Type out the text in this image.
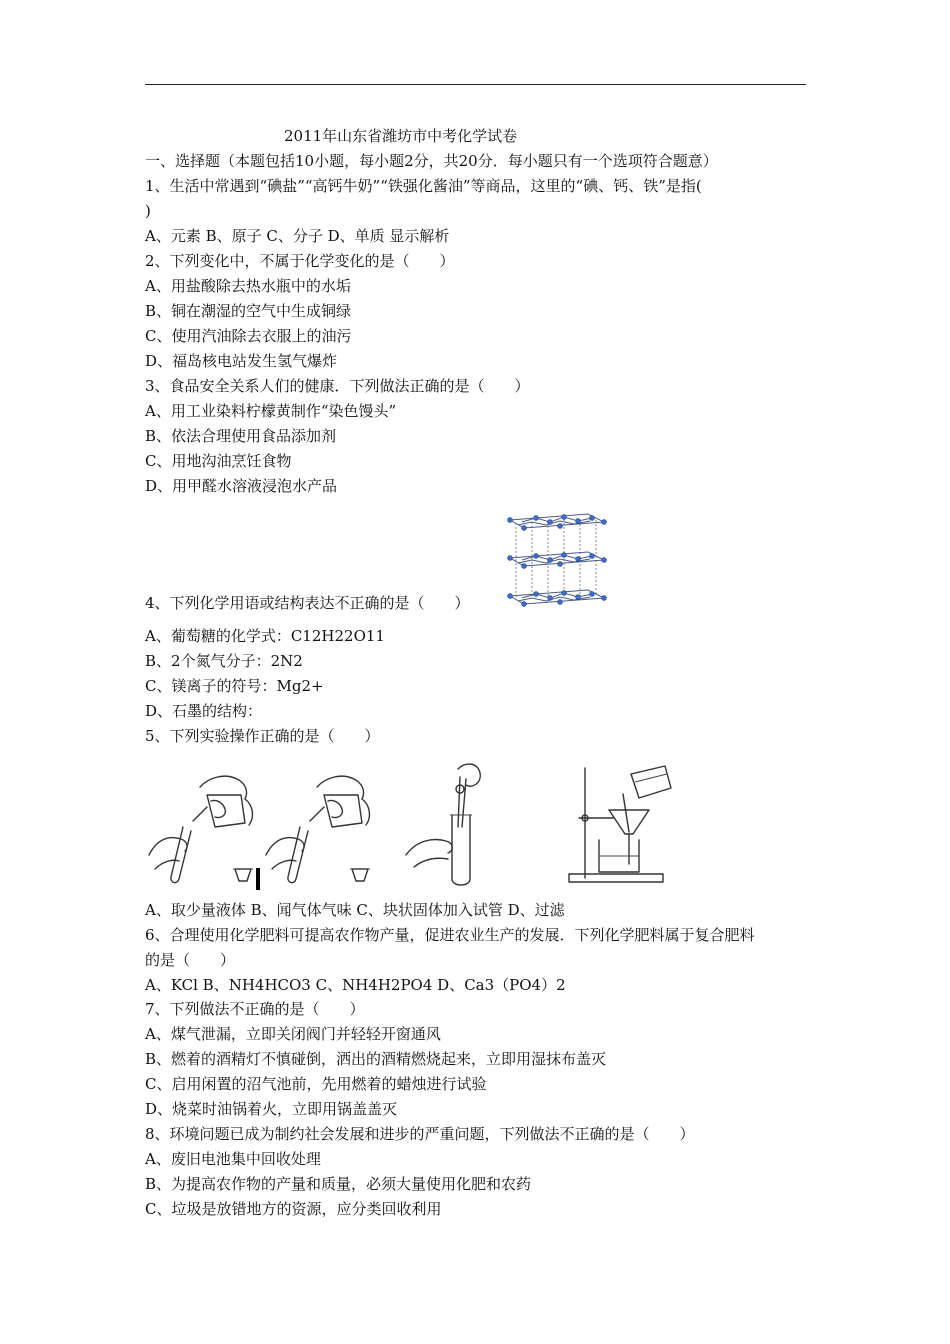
2011年山东省潍坊市中考化学试卷
一、选择题（本题包括10小题，每小题2分，共20分．每小题只有一个选项符合题意）
1、生活中常遇到“碘盐”“高钙牛奶”“铁强化酱油”等商品，这里的“碘、钙、铁”是指(
)
A、元素 B、原子 C、分子 D、单质 显示解析
2、下列变化中，不属于化学变化的是（　　）
A、用盐酸除去热水瓶中的水垢
B、铜在潮湿的空气中生成铜绿
C、使用汽油除去衣服上的油污
D、福岛核电站发生氢气爆炸
3、食品安全关系人们的健康．下列做法正确的是（　　）
A、用工业染料柠檬黄制作“染色馒头”
B、依法合理使用食品添加剂
C、用地沟油烹饪食物
D、用甲醛水溶液浸泡水产品
4、下列化学用语或结构表达不正确的是（　　）
A、葡萄糖的化学式：C12H22O11
B、2个氮气分子：2N2
C、镁离子的符号：Mg2+
D、石墨的结构：
5、下列实验操作正确的是（　　）
A、取少量液体 B、闻气体气味 C、块状固体加入试管 D、过滤
6、合理使用化学肥料可提高农作物产量，促进农业生产的发展．下列化学肥料属于复合肥料
的是（　　）
A、KCl B、NH4HCO3 C、NH4H2PO4 D、Ca3（PO4）2
7、下列做法不正确的是（　　）
A、煤气泄漏，立即关闭阀门并轻轻开窗通风
B、燃着的酒精灯不慎碰倒，洒出的酒精燃烧起来，立即用湿抹布盖灭
C、启用闲置的沼气池前，先用燃着的蜡烛进行试验
D、烧菜时油锅着火，立即用锅盖盖灭
8、环境问题已成为制约社会发展和进步的严重问题，下列做法不正确的是（　　）
A、废旧电池集中回收处理
B、为提高农作物的产量和质量，必须大量使用化肥和农药
C、垃圾是放错地方的资源，应分类回收利用
